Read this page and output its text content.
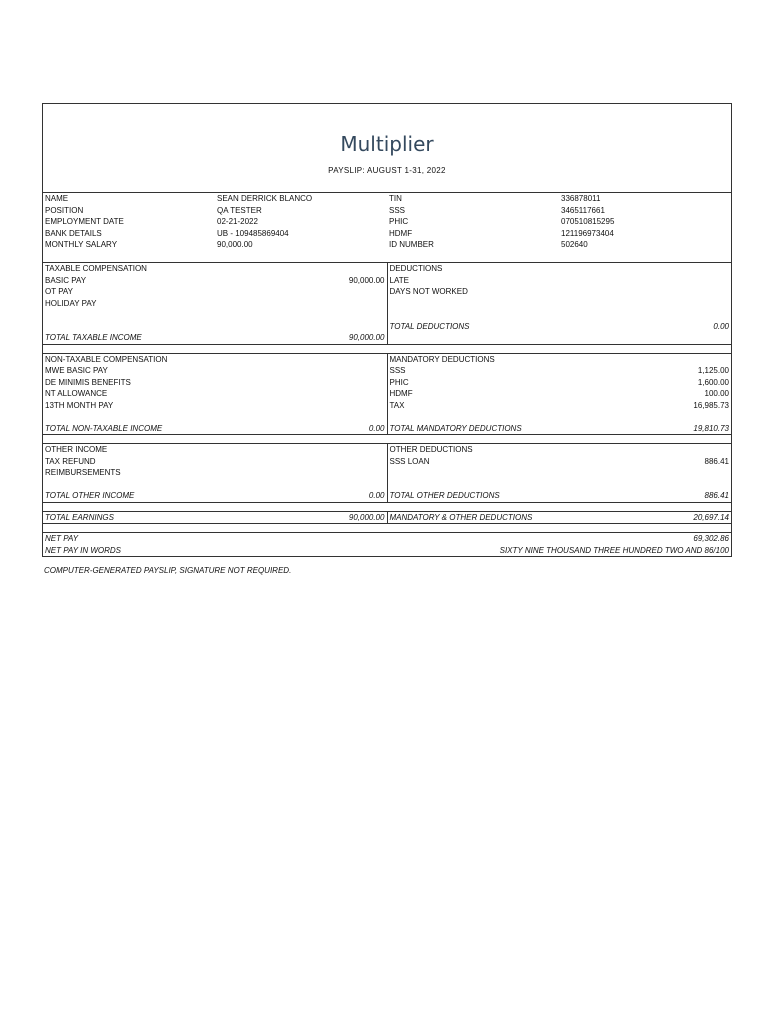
Multiplier
PAYSLIP: AUGUST 1-31, 2022
NAME	SEAN DERRICK BLANCO	TIN	336878011
POSITION	QA TESTER	SSS	3465117661
EMPLOYMENT DATE	02-21-2022	PHIC	070510815295
BANK DETAILS	UB - 109485869404	HDMF	121196973404
MONTHLY SALARY	90,000.00	ID NUMBER	502640

TAXABLE COMPENSATION		DEDUCTIONS	
BASIC PAY	90,000.00	LATE	
OT PAY		DAYS NOT WORKED	
HOLIDAY PAY			

		TOTAL DEDUCTIONS	0.00
TOTAL TAXABLE INCOME	90,000.00		

NON-TAXABLE COMPENSATION		MANDATORY DEDUCTIONS	
MWE BASIC PAY		SSS	1,125.00
DE MINIMIS BENEFITS		PHIC	1,600.00
NT ALLOWANCE		HDMF	100.00
13TH MONTH PAY		TAX	16,985.73

TOTAL NON-TAXABLE INCOME	0.00	TOTAL MANDATORY DEDUCTIONS	19,810.73

OTHER INCOME		OTHER DEDUCTIONS	
TAX REFUND		SSS LOAN	886.41
REIMBURSEMENTS			

TOTAL OTHER INCOME	0.00	TOTAL OTHER DEDUCTIONS	886.41

TOTAL EARNINGS	90,000.00	MANDATORY & OTHER DEDUCTIONS	20,697.14

NET PAY		69,302.86	
NET PAY IN WORDS	SIXTY NINE THOUSAND THREE HUNDRED TWO AND 86/100		
COMPUTER-GENERATED PAYSLIP, SIGNATURE NOT REQUIRED.
